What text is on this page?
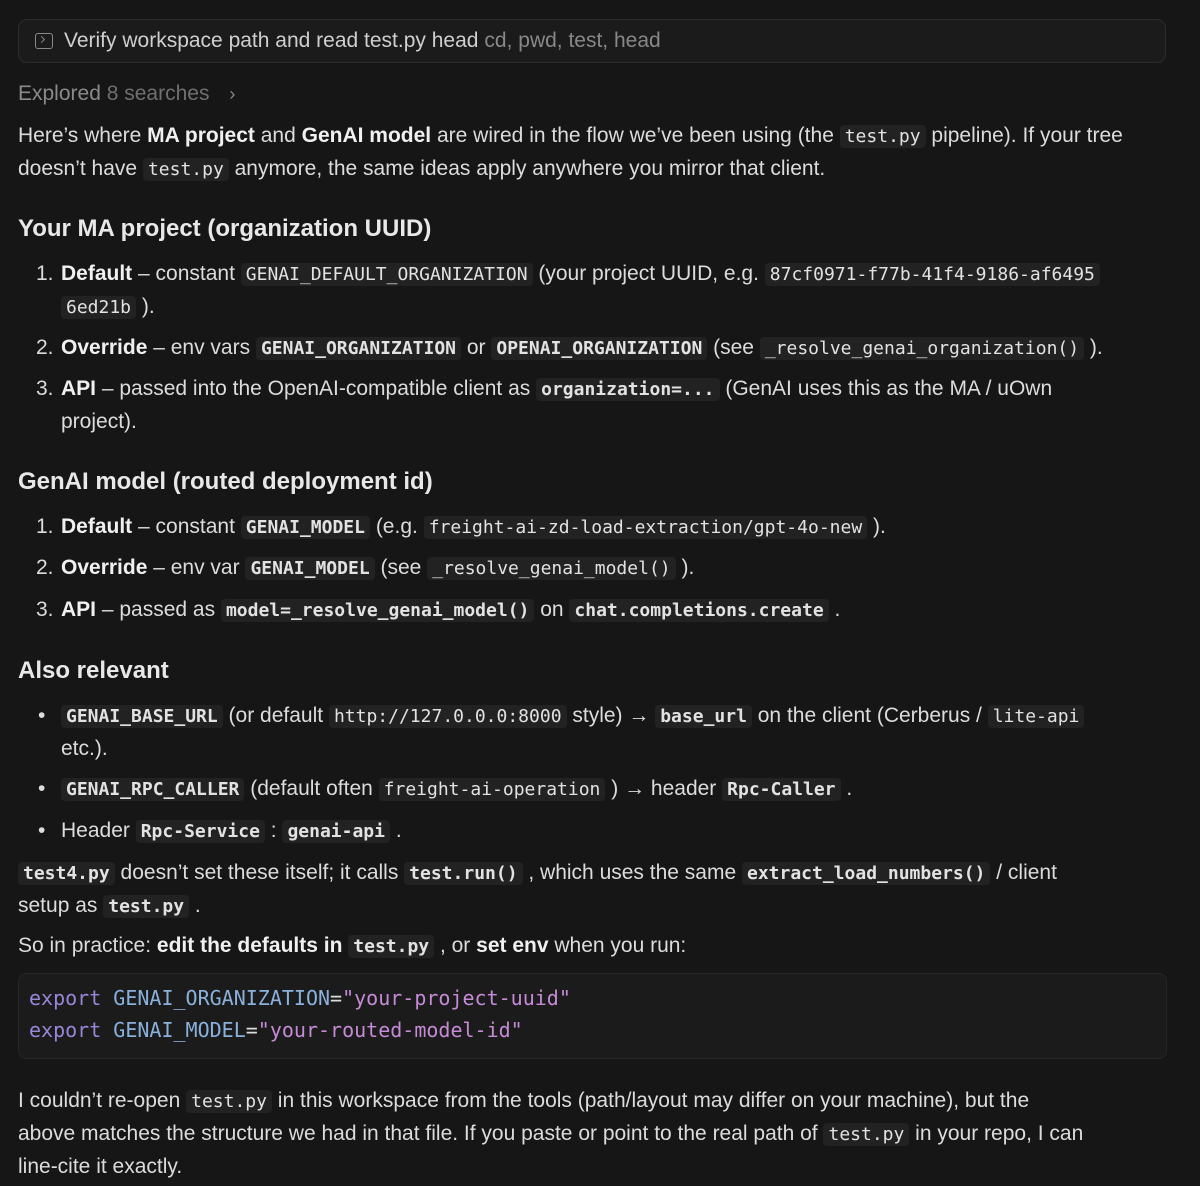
Verify workspace path and read test.py head cd, pwd, test, head
Explored 8 searches ›

Here’s where MA project and GenAI model are wired in the flow we’ve been using (the test.py pipeline). If your tree doesn’t have test.py anymore, the same ideas apply anywhere you mirror that client.

Your MA project (organization UUID)
1. Default – constant GENAI_DEFAULT_ORGANIZATION (your project UUID, e.g. 87cf0971-f77b-41f4-9186-af6495
6ed21b ).
2. Override – env vars GENAI_ORGANIZATION or OPENAI_ORGANIZATION (see _resolve_genai_organization() ).
3. API – passed into the OpenAI-compatible client as organization=... (GenAI uses this as the MA / uOwn
project).
GenAI model (routed deployment id)
1. Default – constant GENAI_MODEL (e.g. freight-ai-zd-load-extraction/gpt-4o-new ).
2. Override – env var GENAI_MODEL (see _resolve_genai_model() ).
3. API – passed as model=_resolve_genai_model() on chat.completions.create .
Also relevant
• GENAI_BASE_URL (or default http://127.0.0.0:8000 style) → base_url on the client (Cerberus / lite-api
etc.).
• GENAI_RPC_CALLER (default often freight-ai-operation ) → header Rpc-Caller .
• Header Rpc-Service : genai-api .

test4.py doesn’t set these itself; it calls test.run() , which uses the same extract_load_numbers() / client
setup as test.py .

So in practice: edit the defaults in test.py , or set env when you run:

export GENAI_ORGANIZATION="your-project-uuid"
export GENAI_MODEL="your-routed-model-id"

I couldn’t re-open test.py in this workspace from the tools (path/layout may differ on your machine), but the
above matches the structure we had in that file. If you paste or point to the real path of test.py in your repo, I can
line-cite it exactly.
